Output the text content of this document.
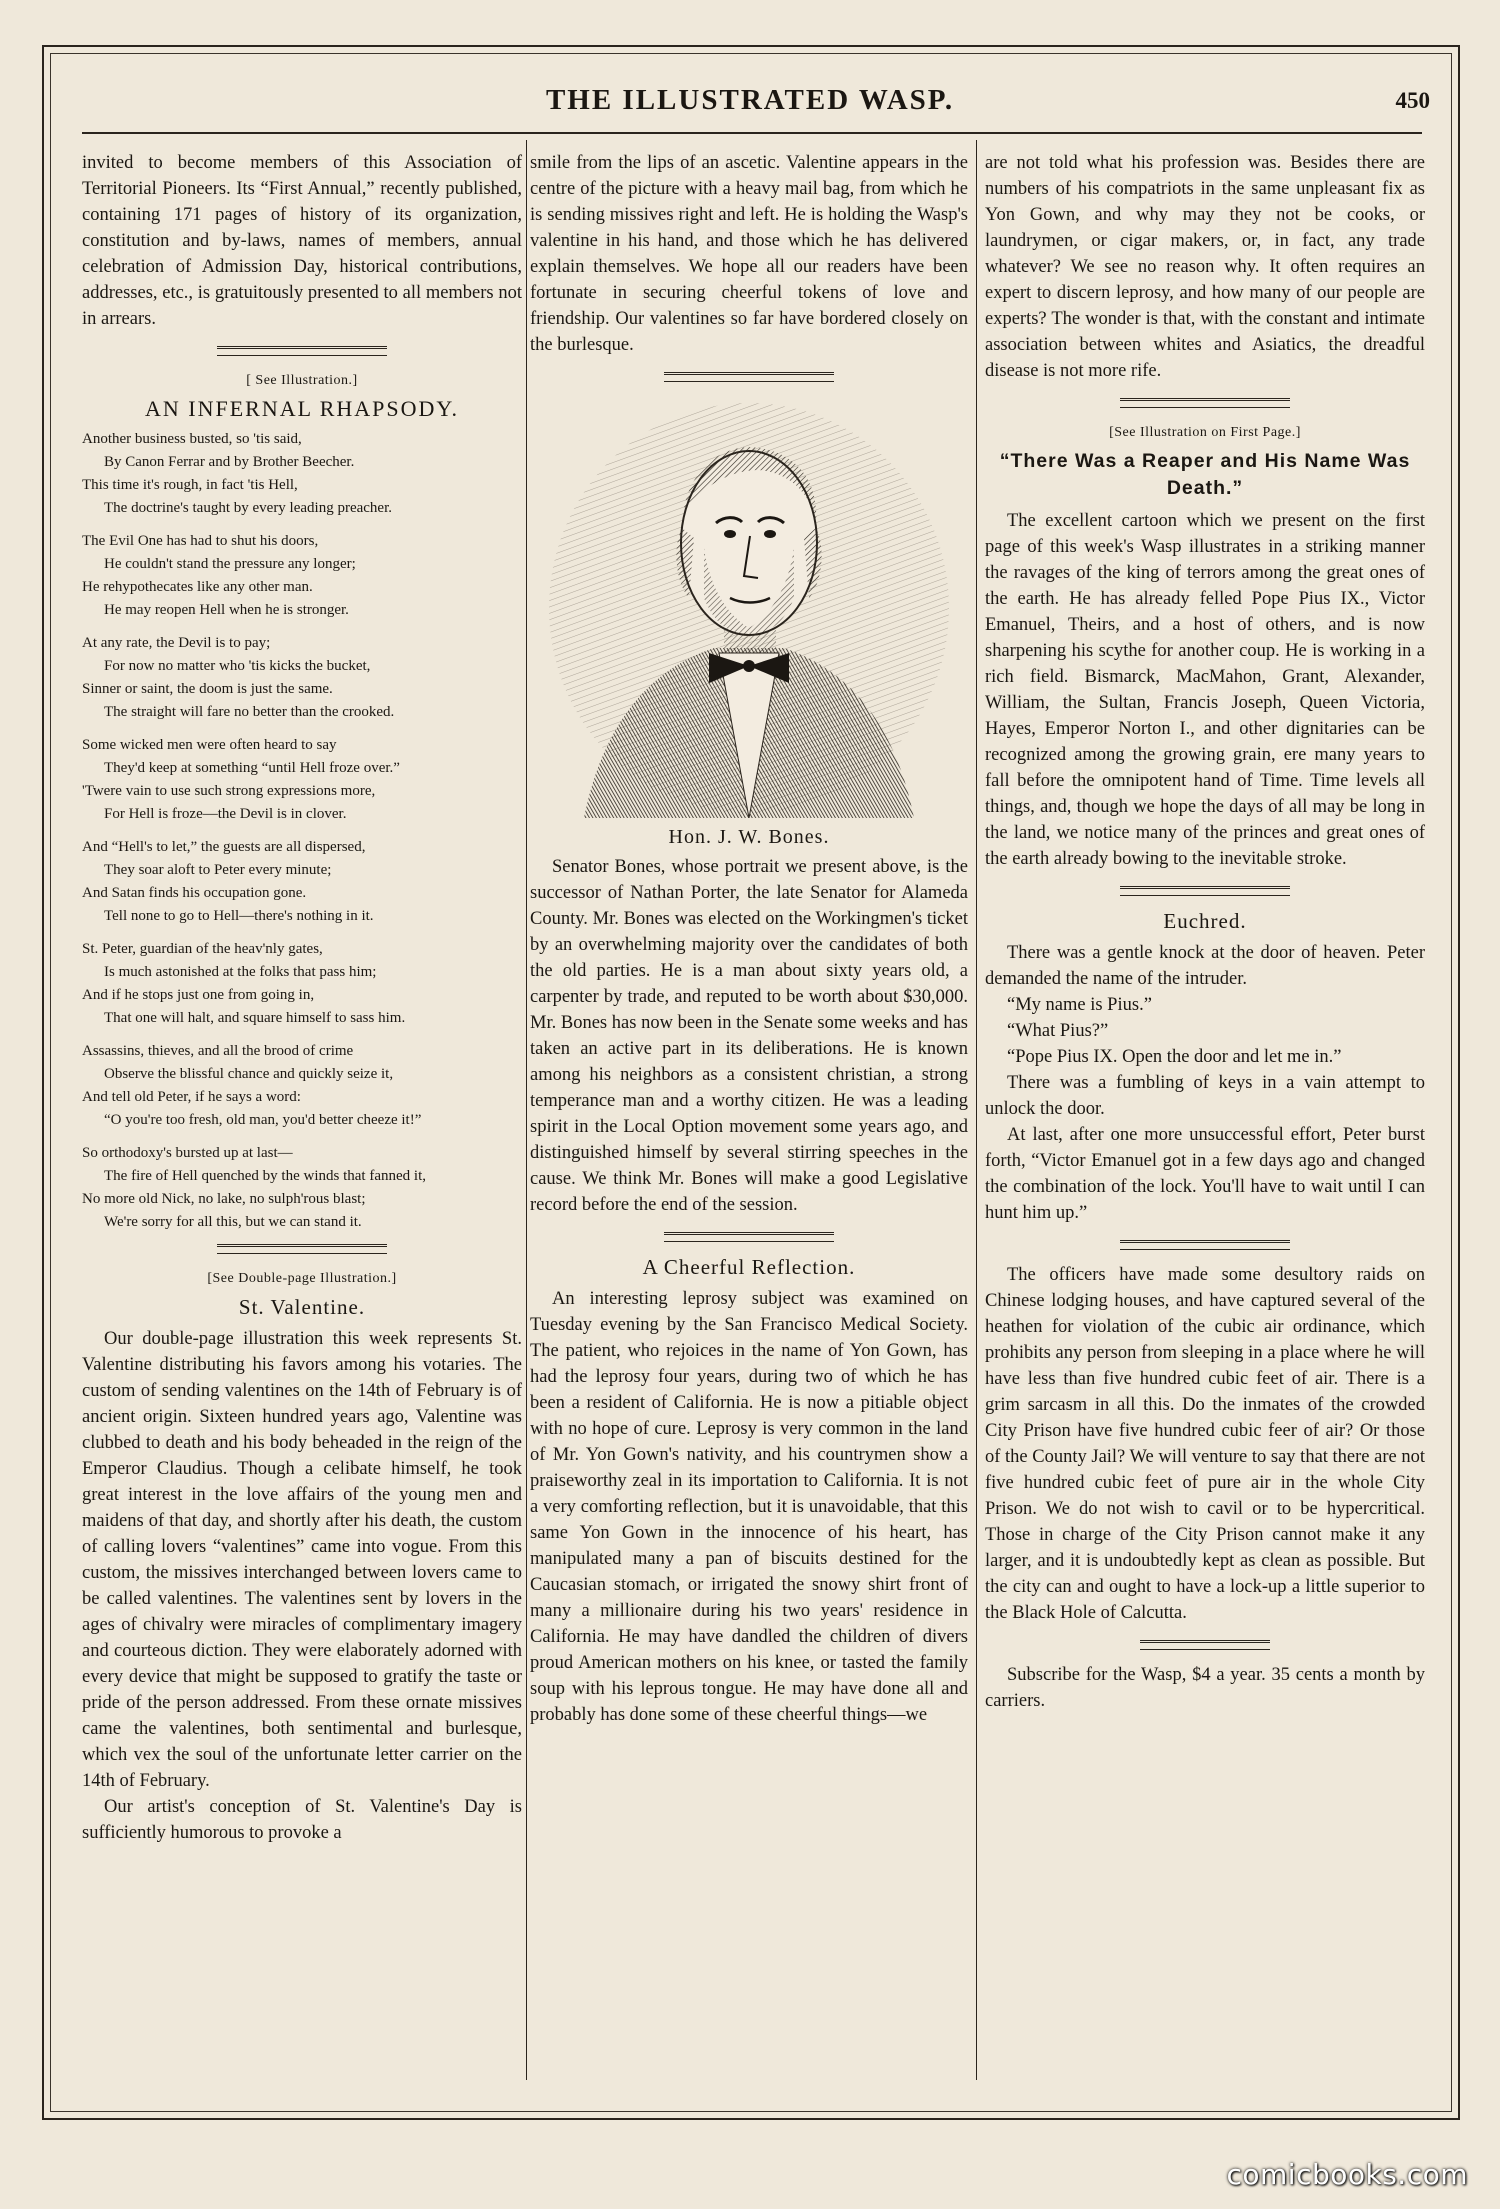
THE ILLUSTRATED WASP.	450

invited to become members of this Association of Territorial Pioneers. Its “First Annual,” recently published, containing 171 pages of history of its organization, constitution and by-laws, names of members, annual celebration of Admission Day, historical contributions, addresses, etc., is gratuitously presented to all members not in arrears.

[ See Illustration.]
AN INFERNAL RHAPSODY.
Another business busted, so 'tis said,
By Canon Ferrar and by Brother Beecher.
This time it's rough, in fact 'tis Hell,
The doctrine's taught by every leading preacher.
The Evil One has had to shut his doors,
He couldn't stand the pressure any longer;
He rehypothecates like any other man.
He may reopen Hell when he is stronger.
At any rate, the Devil is to pay;
For now no matter who 'tis kicks the bucket,
Sinner or saint, the doom is just the same.
The straight will fare no better than the crooked.
Some wicked men were often heard to say
They'd keep at something “until Hell froze over.”
'Twere vain to use such strong expressions more,
For Hell is froze—the Devil is in clover.
And “Hell's to let,” the guests are all dispersed,
They soar aloft to Peter every minute;
And Satan finds his occupation gone.
Tell none to go to Hell—there's nothing in it.
St. Peter, guardian of the heav'nly gates,
Is much astonished at the folks that pass him;
And if he stops just one from going in,
That one will halt, and square himself to sass him.
Assassins, thieves, and all the brood of crime
Observe the blissful chance and quickly seize it,
And tell old Peter, if he says a word:
“O you're too fresh, old man, you'd better cheeze it!”
So orthodoxy's bursted up at last—
The fire of Hell quenched by the winds that fanned it,
No more old Nick, no lake, no sulph'rous blast;
We're sorry for all this, but we can stand it.
[See Double-page Illustration.]
St. Valentine.

Our double-page illustration this week represents St. Valentine distributing his favors among his votaries. The custom of sending valentines on the 14th of February is of ancient origin. Sixteen hundred years ago, Valentine was clubbed to death and his body beheaded in the reign of the Emperor Claudius. Though a celibate himself, he took great interest in the love affairs of the young men and maidens of that day, and shortly after his death, the custom of calling lovers “valentines” came into vogue. From this custom, the missives interchanged between lovers came to be called valentines. The valentines sent by lovers in the ages of chivalry were miracles of complimentary imagery and courteous diction. They were elaborately adorned with every device that might be supposed to gratify the taste or pride of the person addressed. From these ornate missives came the valentines, both sentimental and burlesque, which vex the soul of the unfortunate letter carrier on the 14th of February.

Our artist's conception of St. Valentine's Day is sufficiently humorous to provoke a

smile from the lips of an ascetic. Valentine appears in the centre of the picture with a heavy mail bag, from which he is sending missives right and left. He is holding the Wasp's valentine in his hand, and those which he has delivered explain themselves. We hope all our readers have been fortunate in securing cheerful tokens of love and friendship. Our valentines so far have bordered closely on the burlesque.

Hon. J. W. Bones.

Senator Bones, whose portrait we present above, is the successor of Nathan Porter, the late Senator for Alameda County. Mr. Bones was elected on the Workingmen's ticket by an overwhelming majority over the candidates of both the old parties. He is a man about sixty years old, a carpenter by trade, and reputed to be worth about $30,000. Mr. Bones has now been in the Senate some weeks and has taken an active part in its deliberations. He is known among his neighbors as a consistent christian, a strong temperance man and a worthy citizen. He was a leading spirit in the Local Option movement some years ago, and distinguished himself by several stirring speeches in the cause. We think Mr. Bones will make a good Legislative record before the end of the session.

A Cheerful Reflection.

An interesting leprosy subject was examined on Tuesday evening by the San Francisco Medical Society. The patient, who rejoices in the name of Yon Gown, has had the leprosy four years, during two of which he has been a resident of California. He is now a pitiable object with no hope of cure. Leprosy is very common in the land of Mr. Yon Gown's nativity, and his countrymen show a praiseworthy zeal in its importation to California. It is not a very comforting reflection, but it is unavoidable, that this same Yon Gown in the innocence of his heart, has manipulated many a pan of biscuits destined for the Caucasian stomach, or irrigated the snowy shirt front of many a millionaire during his two years' residence in California. He may have dandled the children of divers proud American mothers on his knee, or tasted the family soup with his leprous tongue. He may have done all and probably has done some of these cheerful things—we

are not told what his profession was. Besides there are numbers of his compatriots in the same unpleasant fix as Yon Gown, and why may they not be cooks, or laundrymen, or cigar makers, or, in fact, any trade whatever? We see no reason why. It often requires an expert to discern leprosy, and how many of our people are experts? The wonder is that, with the constant and intimate association between whites and Asiatics, the dreadful disease is not more rife.

[See Illustration on First Page.]
“There Was a Reaper and His Name Was Death.”

The excellent cartoon which we present on the first page of this week's Wasp illustrates in a striking manner the ravages of the king of terrors among the great ones of the earth. He has already felled Pope Pius IX., Victor Emanuel, Theirs, and a host of others, and is now sharpening his scythe for another coup. He is working in a rich field. Bismarck, MacMahon, Grant, Alexander, William, the Sultan, Francis Joseph, Queen Victoria, Hayes, Emperor Norton I., and other dignitaries can be recognized among the growing grain, ere many years to fall before the omnipotent hand of Time. Time levels all things, and, though we hope the days of all may be long in the land, we notice many of the princes and great ones of the earth already bowing to the inevitable stroke.

Euchred.

There was a gentle knock at the door of heaven. Peter demanded the name of the intruder.

“My name is Pius.”

“What Pius?”

“Pope Pius IX. Open the door and let me in.”

There was a fumbling of keys in a vain attempt to unlock the door.

At last, after one more unsuccessful effort, Peter burst forth, “Victor Emanuel got in a few days ago and changed the combination of the lock. You'll have to wait until I can hunt him up.”

The officers have made some desultory raids on Chinese lodging houses, and have captured several of the heathen for violation of the cubic air ordinance, which prohibits any person from sleeping in a place where he will have less than five hundred cubic feet of air. There is a grim sarcasm in all this. Do the inmates of the crowded City Prison have five hundred cubic feer of air? Or those of the County Jail? We will venture to say that there are not five hundred cubic feet of pure air in the whole City Prison. We do not wish to cavil or to be hypercritical. Those in charge of the City Prison cannot make it any larger, and it is undoubtedly kept as clean as possible. But the city can and ought to have a lock-up a little superior to the Black Hole of Calcutta.

Subscribe for the Wasp, $4 a year. 35 cents a month by carriers.

comicbooks.com
